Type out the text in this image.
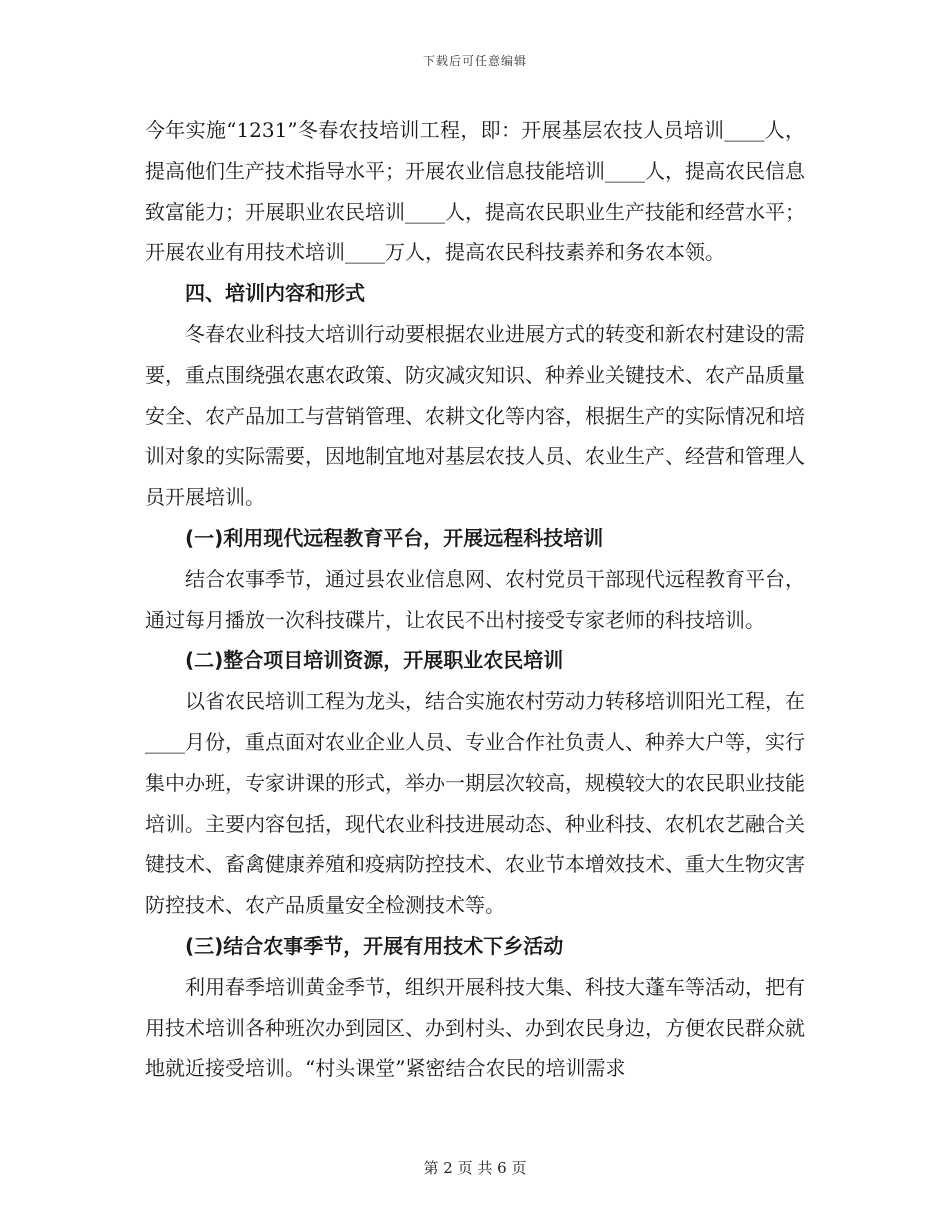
下载后可任意编辑

今年实施“1231”冬春农技培训工程，即：开展基层农技人员培训____人，提高他们生产技术指导水平；开展农业信息技能培训____人，提高农民信息致富能力；开展职业农民培训____人，提高农民职业生产技能和经营水平；开展农业有用技术培训____万人，提高农民科技素养和务农本领。

四、培训内容和形式

冬春农业科技大培训行动要根据农业进展方式的转变和新农村建设的需要，重点围绕强农惠农政策、防灾减灾知识、种养业关键技术、农产品质量安全、农产品加工与营销管理、农耕文化等内容，根据生产的实际情况和培训对象的实际需要，因地制宜地对基层农技人员、农业生产、经营和管理人员开展培训。

(一)利用现代远程教育平台，开展远程科技培训

结合农事季节，通过县农业信息网、农村党员干部现代远程教育平台，通过每月播放一次科技碟片，让农民不出村接受专家老师的科技培训。

(二)整合项目培训资源，开展职业农民培训

以省农民培训工程为龙头，结合实施农村劳动力转移培训阳光工程，在____月份，重点面对农业企业人员、专业合作社负责人、种养大户等，实行集中办班，专家讲课的形式，举办一期层次较高，规模较大的农民职业技能培训。主要内容包括，现代农业科技进展动态、种业科技、农机农艺融合关键技术、畜禽健康养殖和疫病防控技术、农业节本增效技术、重大生物灾害防控技术、农产品质量安全检测技术等。

(三)结合农事季节，开展有用技术下乡活动

利用春季培训黄金季节，组织开展科技大集、科技大蓬车等活动，把有用技术培训各种班次办到园区、办到村头、办到农民身边，方便农民群众就地就近接受培训。“村头课堂”紧密结合农民的培训需求

第 2 页 共 6 页
